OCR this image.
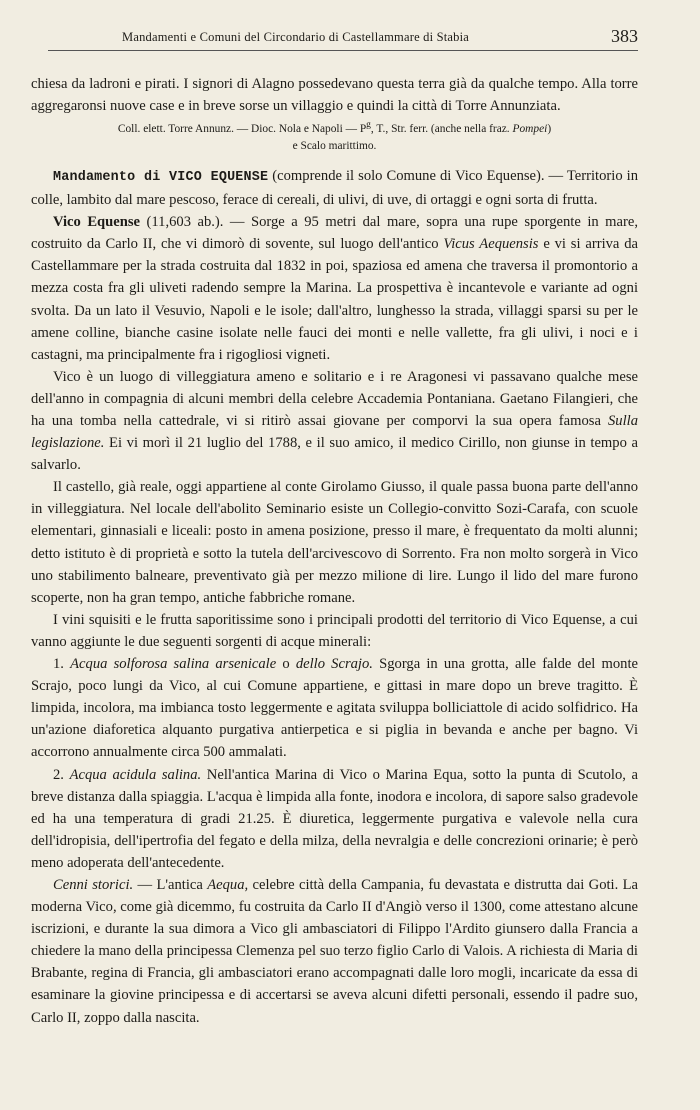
Mandamenti e Comuni del Circondario di Castellammare di Stabia	383

chiesa da ladroni e pirati. I signori di Alagno possedevano questa terra già da qualche tempo. Alla torre aggregaronsi nuove case e in breve sorse un villaggio e quindi la città di Torre Annunziata.

Coll. elett. Torre Annunz. — Dioc. Nola e Napoli — $P^g$, T., Str. ferr. (anche nella fraz. Pompei)
e Scalo marittimo.

Mandamento di VICO EQUENSE (comprende il solo Comune di Vico Equense). — Territorio in colle, lambito dal mare pescoso, ferace di cereali, di ulivi, di uve, di ortaggi e ogni sorta di frutta.

Vico Equense (11,603 ab.). — Sorge a 95 metri dal mare, sopra una rupe sporgente in mare, costruito da Carlo II, che vi dimorò di sovente, sul luogo dell'antico Vicus Aequensis e vi si arriva da Castellammare per la strada costruita dal 1832 in poi, spaziosa ed amena che traversa il promontorio a mezza costa fra gli uliveti radendo sempre la Marina. La prospettiva è incantevole e variante ad ogni svolta. Da un lato il Vesuvio, Napoli e le isole; dall'altro, lunghesso la strada, villaggi sparsi su per le amene colline, bianche casine isolate nelle fauci dei monti e nelle vallette, fra gli ulivi, i noci e i castagni, ma principalmente fra i rigogliosi vigneti.

Vico è un luogo di villeggiatura ameno e solitario e i re Aragonesi vi passavano qualche mese dell'anno in compagnia di alcuni membri della celebre Accademia Pontaniana. Gaetano Filangieri, che ha una tomba nella cattedrale, vi si ritirò assai giovane per comporvi la sua opera famosa Sulla legislazione. Ei vi morì il 21 luglio del 1788, e il suo amico, il medico Cirillo, non giunse in tempo a salvarlo.

Il castello, già reale, oggi appartiene al conte Girolamo Giusso, il quale passa buona parte dell'anno in villeggiatura. Nel locale dell'abolito Seminario esiste un Collegio-convitto Sozi-Carafa, con scuole elementari, ginnasiali e liceali: posto in amena posizione, presso il mare, è frequentato da molti alunni; detto istituto è di proprietà e sotto la tutela dell'arcivescovo di Sorrento. Fra non molto sorgerà in Vico uno stabilimento balneare, preventivato già per mezzo milione di lire. Lungo il lido del mare furono scoperte, non ha gran tempo, antiche fabbriche romane.

I vini squisiti e le frutta saporitissime sono i principali prodotti del territorio di Vico Equense, a cui vanno aggiunte le due seguenti sorgenti di acque minerali:

1. Acqua solforosa salina arsenicale o dello Scrajo. Sgorga in una grotta, alle falde del monte Scrajo, poco lungi da Vico, al cui Comune appartiene, e gittasi in mare dopo un breve tragitto. È limpida, incolora, ma imbianca tosto leggermente e agitata sviluppa bolliciattole di acido solfidrico. Ha un'azione diaforetica alquanto purgativa antierpetica e si piglia in bevanda e anche per bagno. Vi accorrono annualmente circa 500 ammalati.

2. Acqua acidula salina. Nell'antica Marina di Vico o Marina Equa, sotto la punta di Scutolo, a breve distanza dalla spiaggia. L'acqua è limpida alla fonte, inodora e incolora, di sapore salso gradevole ed ha una temperatura di gradi 21.25. È diuretica, leggermente purgativa e valevole nella cura dell'idropisia, dell'ipertrofia del fegato e della milza, della nevralgia e delle concrezioni orinarie; è però meno adoperata dell'antecedente.

Cenni storici. — L'antica Aequa, celebre città della Campania, fu devastata e distrutta dai Goti. La moderna Vico, come già dicemmo, fu costruita da Carlo II d'Angiò verso il 1300, come attestano alcune iscrizioni, e durante la sua dimora a Vico gli ambasciatori di Filippo l'Ardito giunsero dalla Francia a chiedere la mano della principessa Clemenza pel suo terzo figlio Carlo di Valois. A richiesta di Maria di Brabante, regina di Francia, gli ambasciatori erano accompagnati dalle loro mogli, incaricate da essa di esaminare la giovine principessa e di accertarsi se aveva alcuni difetti personali, essendo il padre suo, Carlo II, zoppo dalla nascita.
